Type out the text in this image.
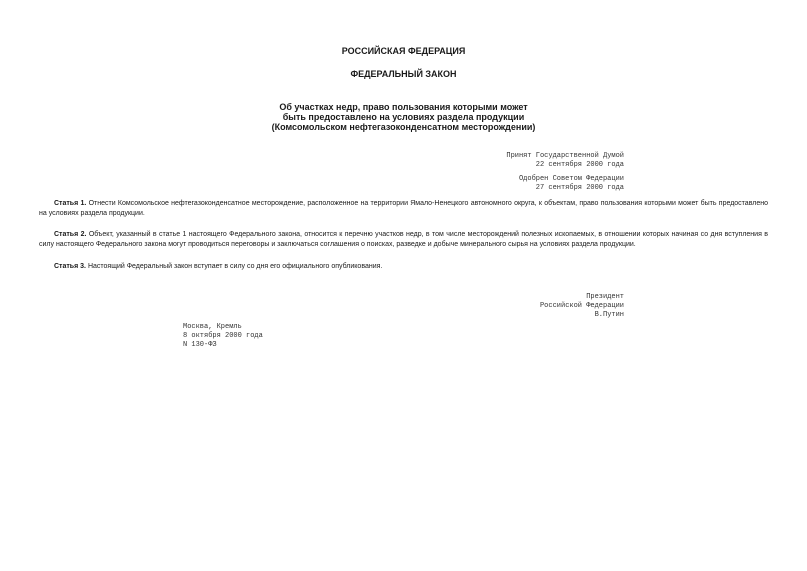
РОССИЙСКАЯ ФЕДЕРАЦИЯ
ФЕДЕРАЛЬНЫЙ ЗАКОН
Об участках недр, право пользования которыми может
быть предоставлено на условиях раздела продукции
(Комсомольском нефтегазоконденсатном месторождении)
Принят Государственной Думой
22 сентября 2000 года
Одобрен Советом Федерации
27 сентября 2000 года
Статья 1. Отнести Комсомольское нефтегазоконденсатное месторождение, расположенное на территории Ямало-Ненецкого автономного округа, к объектам, право пользования которыми может быть предоставлено на условиях раздела продукции.
Статья 2. Объект, указанный в статье 1 настоящего Федерального закона, относится к перечню участков недр, в том числе месторождений полезных ископаемых, в отношении которых начиная со дня вступления в силу настоящего Федерального закона могут проводиться переговоры и заключаться соглашения о поисках, разведке и добыче минерального сырья на условиях раздела продукции.
Статья 3. Настоящий Федеральный закон вступает в силу со дня его официального опубликования.
Президент
Российской Федерации
В.Путин
Москва, Кремль
8 октября 2000 года
N 130-ФЗ
